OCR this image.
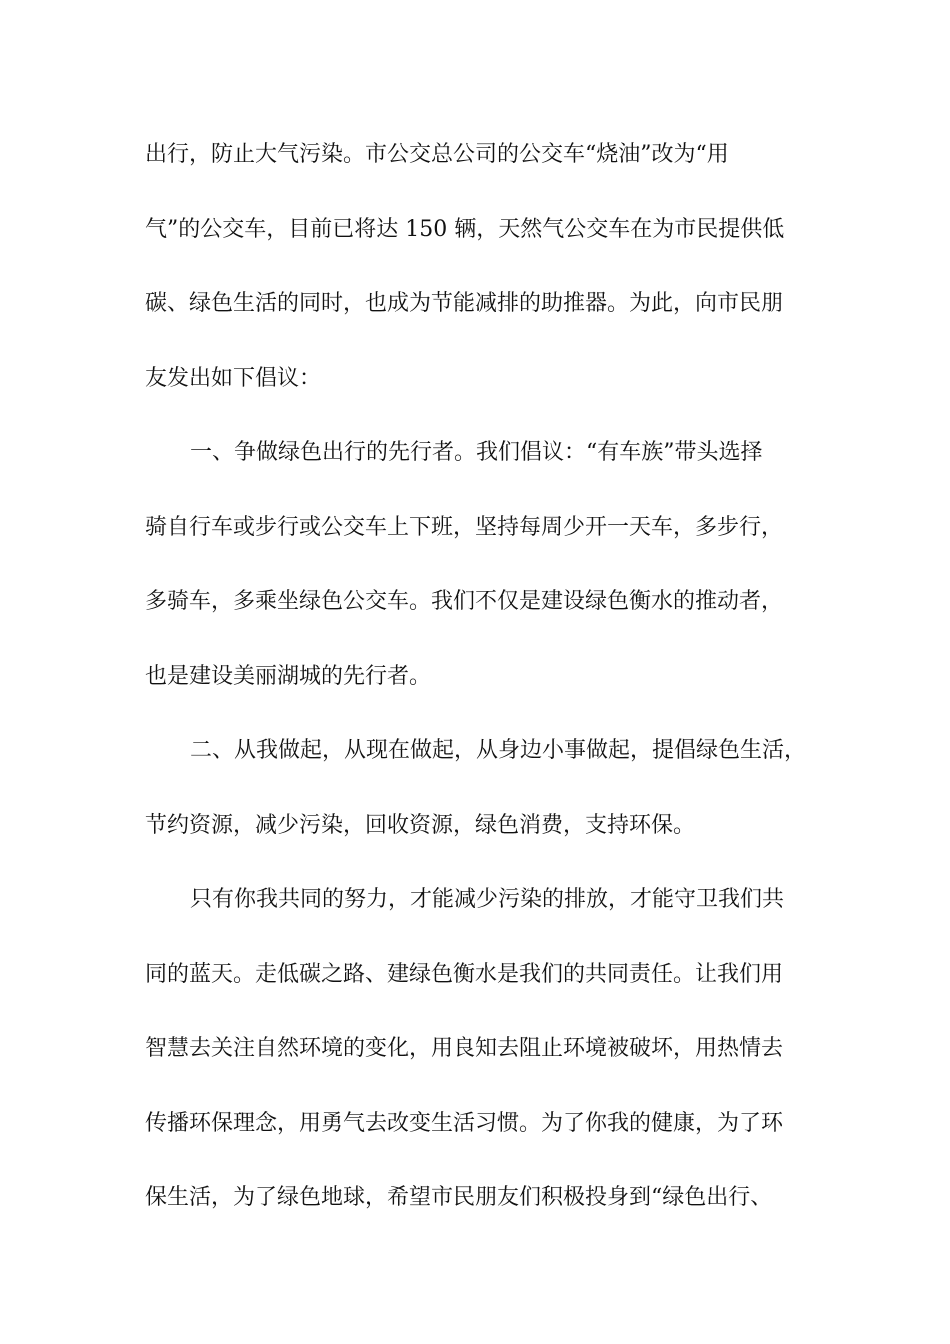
出行，防止大气污染。市公交总公司的公交车“烧油”改为“用
气”的公交车，目前已将达 150 辆，天然气公交车在为市民提供低
碳、绿色生活的同时，也成为节能减排的助推器。为此，向市民朋
友发出如下倡议：
一、争做绿色出行的先行者。我们倡议：“有车族”带头选择
骑自行车或步行或公交车上下班，坚持每周少开一天车，多步行，
多骑车，多乘坐绿色公交车。我们不仅是建设绿色衡水的推动者，
也是建设美丽湖城的先行者。
二、从我做起，从现在做起，从身边小事做起，提倡绿色生活，
节约资源，减少污染，回收资源，绿色消费，支持环保。
只有你我共同的努力，才能减少污染的排放，才能守卫我们共
同的蓝天。走低碳之路、建绿色衡水是我们的共同责任。让我们用
智慧去关注自然环境的变化，用良知去阻止环境被破坏，用热情去
传播环保理念，用勇气去改变生活习惯。为了你我的健康，为了环
保生活，为了绿色地球，希望市民朋友们积极投身到“绿色出行、
